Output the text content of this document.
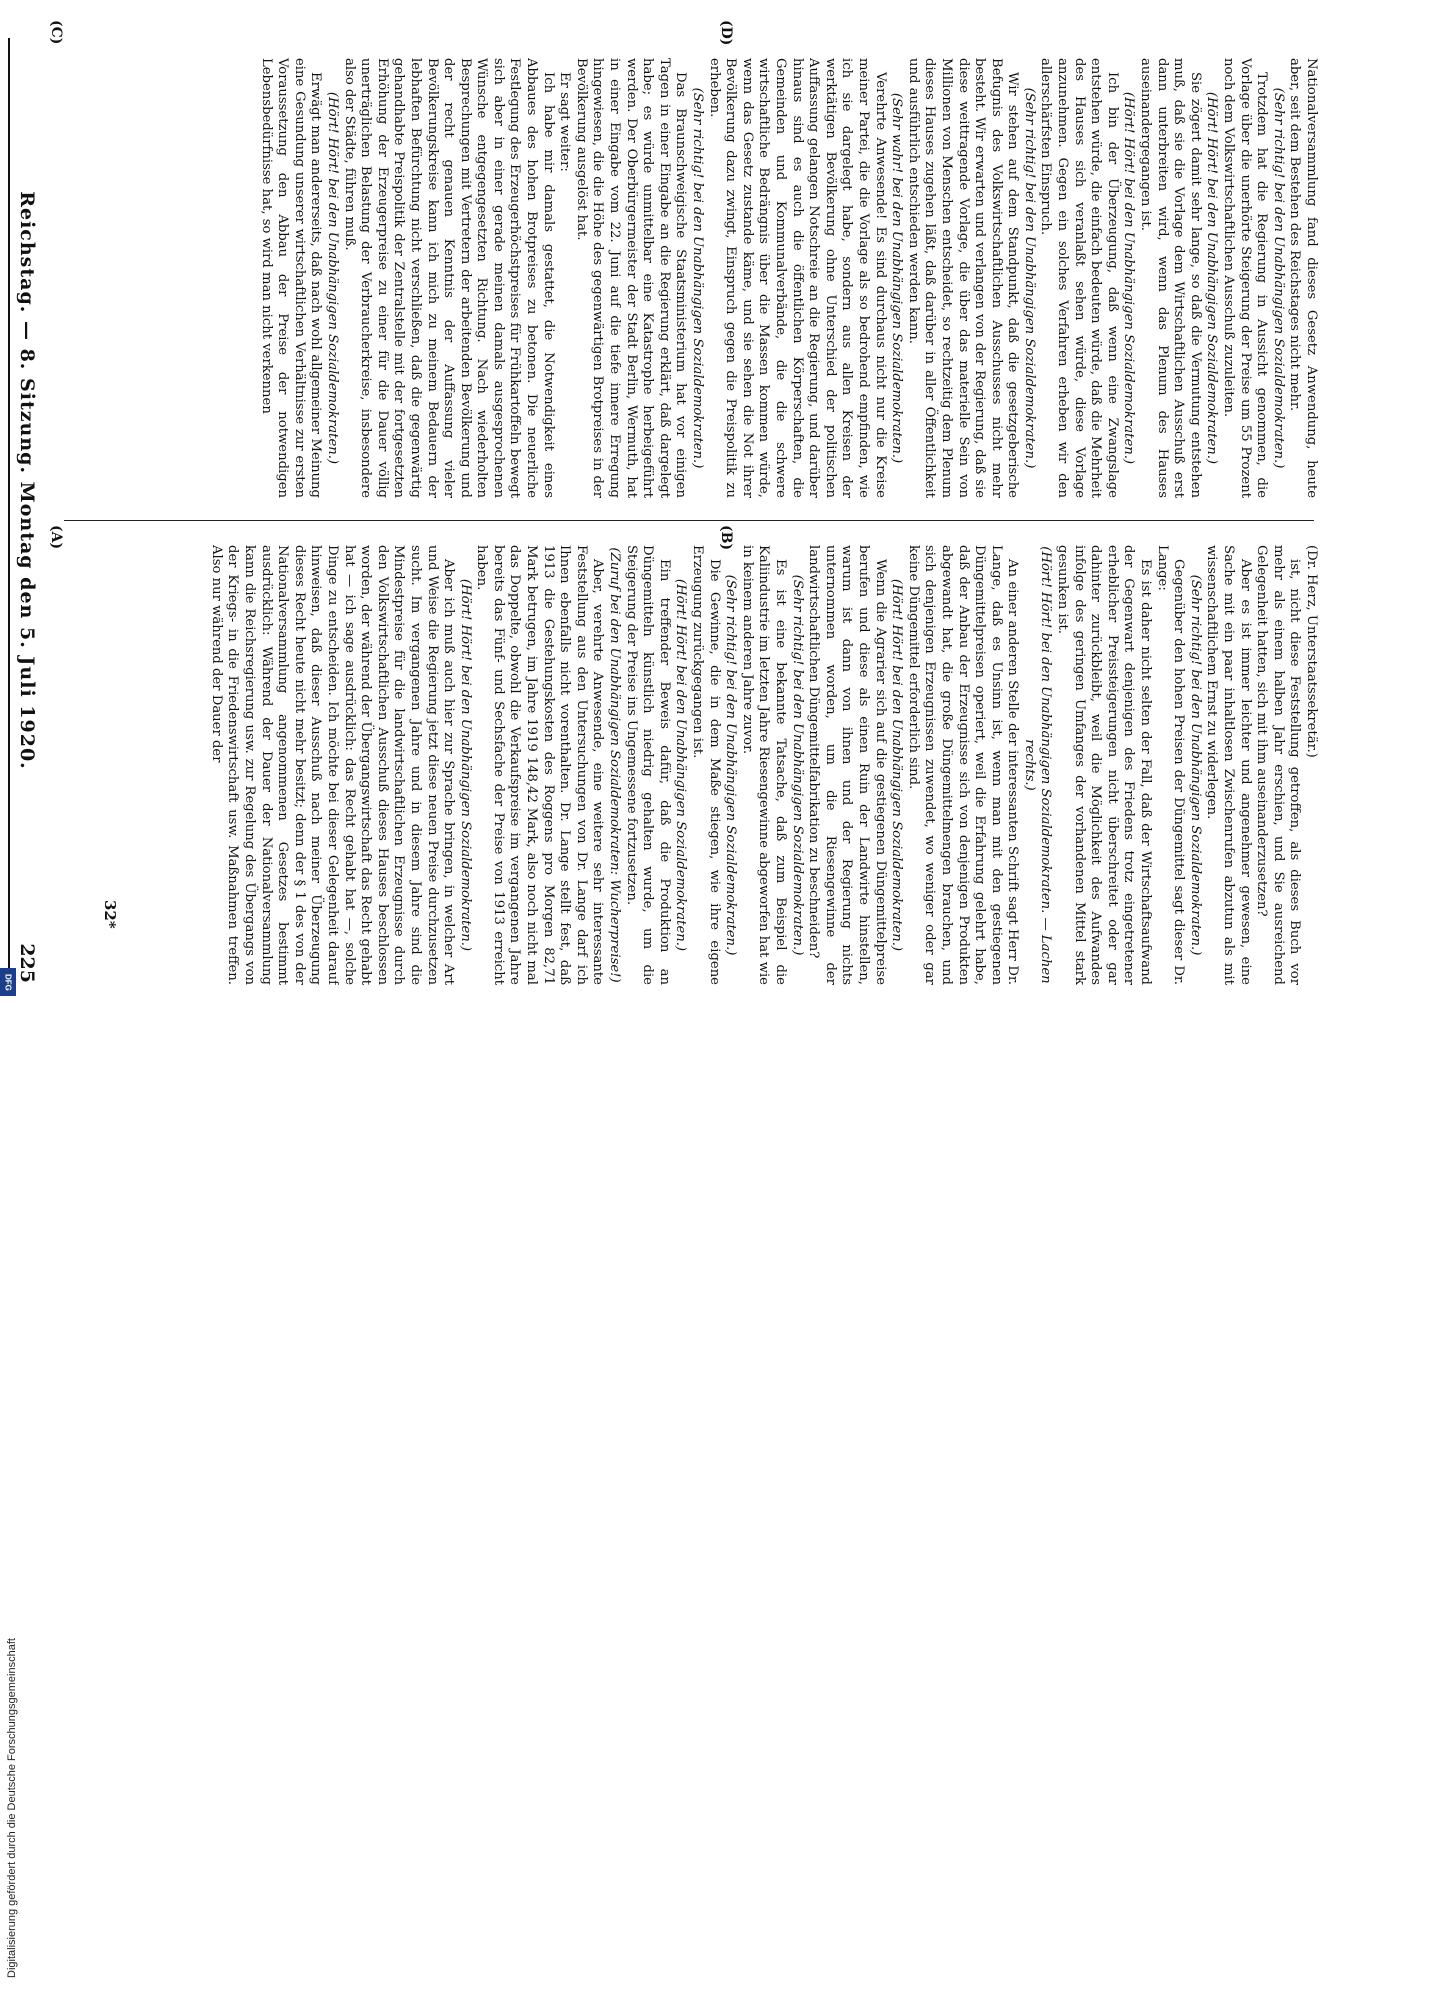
Reichstag. — 8. Sitzung. Montag den 5. Juli 1920.
225

(Dr. Herz, Unterstaatssekretär.)

ist, nicht diese Feststellung getroffen, als dieses Buch vor mehr als einem halben Jahr erschien, und Sie ausreichend Gelegenheit hatten, sich mit ihm auseinanderzusetzen?

Aber es ist immer leichter und angenehmer gewesen, eine Sache mit ein paar inhaltlosen Zwischenrufen abzutun als mit wissenschaftlichem Ernst zu widerlegen.

(Sehr richtig! bei den Unabhängigen Sozialdemokraten.)

Gegenüber den hohen Preisen der Düngemittel sagt dieser Dr. Lange:

Es ist daher nicht selten der Fall, daß der Wirtschaftsaufwand der Gegenwart denjenigen des Friedens trotz eingetretener erheblicher Preissteigerungen nicht überschreitet oder gar dahinter zurückbleibt, weil die Möglichkeit des Aufwandes infolge des geringen Umfanges der vorhandenen Mittel stark gesunken ist.

(Hört! Hört! bei den Unabhängigen Sozialdemokraten. — Lachen rechts.)

An einer anderen Stelle der interessanten Schrift sagt Herr Dr. Lange, daß es Unsinn ist, wenn man mit den gestiegenen Düngemittelpreisen operiert, weil die Erfahrung gelehrt habe, daß der Anbau der Erzeugnisse sich von denjenigen Produkten abgewandt hat, die große Düngemittelmengen brauchen, und sich denjenigen Erzeugnissen zuwendet, wo weniger oder gar keine Düngemittel erforderlich sind.

(Hört! Hört! bei den Unabhängigen Sozialdemokraten.)

Wenn die Agrarier sich auf die gestiegenen Düngemittelpreise berufen und diese als einen Ruin der Landwirte hinstellen, warum ist dann von ihnen und der Regierung nichts unternommen worden, um die Riesengewinne der landwirtschaftlichen Düngemittelfabrikation zu beschneiden?

(Sehr richtig! bei den Unabhängigen Sozialdemokraten.)

Es ist eine bekannte Tatsache, daß zum Beispiel die Kaliindustrie im letzten Jahre Riesengewinne abgeworfen hat wie in keinem anderen Jahre zuvor.

(Sehr richtig! bei den Unabhängigen Sozialdemokraten.)

Die Gewinne, die in dem Maße stiegen, wie ihre eigene Erzeugung zurückgegangen ist.

(Hört! Hört! bei den Unabhängigen Sozialdemokraten.)

Ein treffender Beweis dafür, daß die Produktion an Düngemitteln künstlich niedrig gehalten wurde, um die Steigerung der Preise ins Ungemessene fortzusetzen.

(Zuruf bei den Unabhängigen Sozialdemokraten: Wucherpreise!)

Aber, verehrte Anwesende, eine weitere sehr interessante Feststellung aus den Untersuchungen von Dr. Lange darf ich Ihnen ebenfalls nicht vorenthalten. Dr. Lange stellt fest, daß 1913 die Gestehungskosten des Roggens pro Morgen 82,71 Mark betrugen, im Jahre 1919 148,42 Mark, also noch nicht mal das Doppelte, obwohl die Verkaufspreise im vergangenen Jahre bereits das Fünf- und Sechsfache der Preise von 1913 erreicht haben.

(Hört! Hört! bei den Unabhängigen Sozialdemokraten.)

Aber ich muß auch hier zur Sprache bringen, in welcher Art und Weise die Regierung jetzt diese neuen Preise durchzusetzen sucht. Im vergangenen Jahre und in diesem Jahre sind die Mindestpreise für die landwirtschaftlichen Erzeugnisse durch den Volkswirtschaftlichen Ausschuß dieses Hauses beschlossen worden, der während der Übergangswirtschaft das Recht gehabt hat — ich sage ausdrücklich: das Recht gehabt hat —, solche Dinge zu entscheiden. Ich möchte bei dieser Gelegenheit darauf hinweisen, daß dieser Ausschuß nach meiner Überzeugung dieses Recht heute nicht mehr besitzt; denn der § 1 des von der Nationalversammlung angenommenen Gesetzes bestimmt ausdrücklich: Während der Dauer der Nationalversammlung kann die Reichsregierung usw. zur Regelung des Übergangs von der Kriegs- in die Friedenswirtschaft usw. Maßnahmen treffen. Also nur während der Dauer der

Nationalversammlung fand dieses Gesetz Anwendung, heute aber, seit dem Bestehen des Reichstages nicht mehr.

(Sehr richtig! bei den Unabhängigen Sozialdemokraten.)

Trotzdem hat die Regierung in Aussicht genommen, die Vorlage über die unerhörte Steigerung der Preise um 55 Prozent noch dem Volkswirtschaftlichen Ausschuß zuzuleiten.

(Hört! Hört! bei den Unabhängigen Sozialdemokraten.)

Sie zögert damit sehr lange, so daß die Vermutung entstehen muß, daß sie die Vorlage dem Wirtschaftlichen Ausschuß erst dann unterbreiten wird, wenn das Plenum des Hauses auseinandergegangen ist.

(Hört! Hört! bei den Unabhängigen Sozialdemokraten.)

Ich bin der Überzeugung, daß wenn eine Zwangslage entstehen würde, die einfach bedeuten würde, daß die Mehrheit des Hauses sich veranlaßt sehen würde, diese Vorlage anzunehmen. Gegen ein solches Verfahren erheben wir den allerschärfsten Einspruch.

(Sehr richtig! bei den Unabhängigen Sozialdemokraten.)

Wir stehen auf dem Standpunkt, daß die gesetzgeberische Befugnis des Volkswirtschaftlichen Ausschusses nicht mehr besteht. Wir erwarten und verlangen von der Regierung, daß sie diese weittragende Vorlage, die über das materielle Sein von Millionen von Menschen entscheidet, so rechtzeitig dem Plenum dieses Hauses zugehen läßt, daß darüber in aller Öffentlichkeit und ausführlich entschieden werden kann.

(Sehr wahr! bei den Unabhängigen Sozialdemokraten.)

Verehrte Anwesende! Es sind durchaus nicht nur die Kreise meiner Partei, die die Vorlage als so bedrohend empfinden, wie ich sie dargelegt habe, sondern aus allen Kreisen der werktätigen Bevölkerung ohne Unterschied der politischen Auffassung gelangen Notschreie an die Regierung, und darüber hinaus sind es auch die öffentlichen Körperschaften, die Gemeinden und Kommunalverbände, die die schwere wirtschaftliche Bedrängnis über die Massen kommen würde, wenn das Gesetz zustande käme, und sie sehen die Not ihrer Bevölkerung dazu zwingt, Einspruch gegen die Preispolitik zu erheben.

(Sehr richtig! bei den Unabhängigen Sozialdemokraten.)

Das Braunschweigische Staatsministerium hat vor einigen Tagen in einer Eingabe an die Regierung erklärt, daß dargelegt habe; es würde unmittelbar eine Katastrophe herbeigeführt werden. Der Oberbürgermeister der Stadt Berlin, Wermuth, hat in einer Eingabe vom 22. Juni auf die tiefe innere Erregung hingewiesen, die die Höhe des gegenwärtigen Brotpreises in der Bevölkerung ausgelöst hat.

Er sagt weiter:

Ich habe mir damals gestattet, die Notwendigkeit eines Abbaues des hohen Brotpreises zu betonen. Die neuerliche Festlegung des Erzeugerhöchstpreises für Frühkartoffeln bewegt sich aber in einer gerade meinen damals ausgesprochenen Wünsche entgegengesetzten Richtung. Nach wiederholten Besprechungen mit Vertretern der arbeitenden Bevölkerung und der recht genauen Kenntnis der Auffassung vieler Bevölkerungskreise kann ich mich zu meinem Bedauern der lebhaften Befürchtung nicht verschließen, daß die gegenwärtig gehandhabte Preispolitik der Zentralstelle mit der fortgesetzten Erhöhung der Erzeugerpreise zu einer für die Dauer völlig unerträglichen Belastung der Verbraucherkreise, insbesondere also der Städte, führen muß.

(Hört! Hört! bei den Unabhängigen Sozialdemokraten.)

Erwägt man andererseits, daß nach wohl allgemeiner Meinung eine Gesundung unserer wirtschaftlichen Verhältnisse zur ersten Voraussetzung den Abbau der Preise der notwendigen Lebensbedürfnisse hat, so wird man nicht verkennen

(A)	(B)
(C)	(D)
32*
Digitalisierung gefördert durch die Deutsche Forschungsgemeinschaft
DFG
